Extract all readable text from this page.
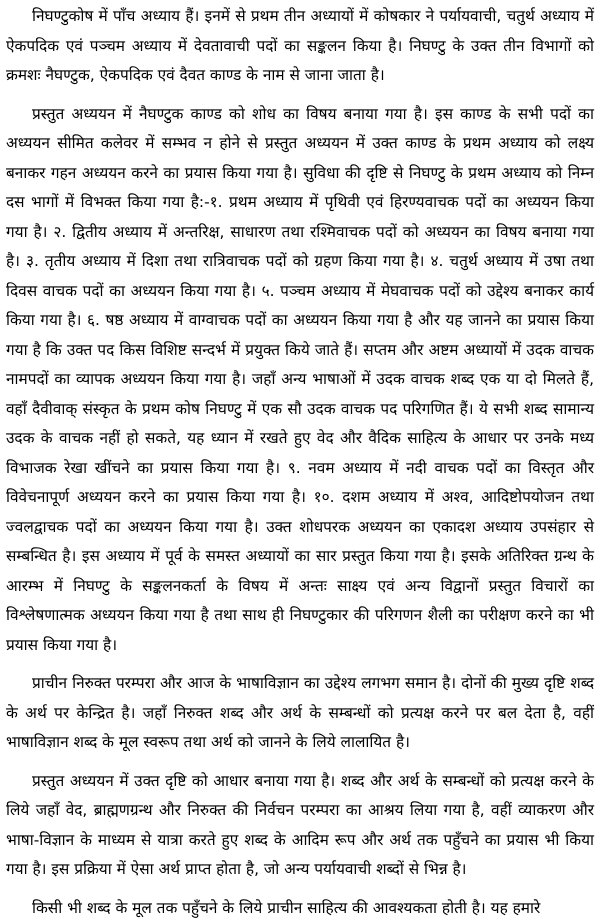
निघण्टुकोष में पाँच अध्याय हैं। इनमें से प्रथम तीन अध्यायों में कोषकार ने पर्यायवाची, चतुर्थ अध्याय में ऐकपदिक एवं पञ्चम अध्याय में देवतावाची पदों का सङ्कलन किया है। निघण्टु के उक्त तीन विभागों को क्रमशः नैघण्टुक, ऐकपदिक एवं दैवत काण्ड के नाम से जाना जाता है।

प्रस्तुत अध्ययन में नैघण्टुक काण्ड को शोध का विषय बनाया गया है। इस काण्ड के सभी पदों का अध्ययन सीमित कलेवर में सम्भव न होने से प्रस्तुत अध्ययन में उक्त काण्ड के प्रथम अध्याय को लक्ष्य बनाकर गहन अध्ययन करने का प्रयास किया गया है। सुविधा की दृष्टि से निघण्टु के प्रथम अध्याय को निम्न दस भागों में विभक्त किया गया है:-१. प्रथम अध्याय में पृथिवी एवं हिरण्यवाचक पदों का अध्ययन किया गया है। २. द्वितीय अध्याय में अन्तरिक्ष, साधारण तथा रश्मिवाचक पदों को अध्ययन का विषय बनाया गया है। ३. तृतीय अध्याय में दिशा तथा रात्रिवाचक पदों को ग्रहण किया गया है। ४. चतुर्थ अध्याय में उषा तथा दिवस वाचक पदों का अध्ययन किया गया है। ५. पञ्चम अध्याय में मेघवाचक पदों को उद्देश्य बनाकर कार्य किया गया है। ६. षष्ठ अध्याय में वाग्वाचक पदों का अध्ययन किया गया है और यह जानने का प्रयास किया गया है कि उक्त पद किस विशिष्ट सन्दर्भ में प्रयुक्त किये जाते हैं। सप्तम और अष्टम अध्यायों में उदक वाचक नामपदों का व्यापक अध्ययन किया गया है। जहाँ अन्य भाषाओं में उदक वाचक शब्द एक या दो मिलते हैं, वहाँ दैवीवाक् संस्कृत के प्रथम कोष निघण्टु में एक सौ उदक वाचक पद परिगणित हैं। ये सभी शब्द सामान्य उदक के वाचक नहीं हो सकते, यह ध्यान में रखते हुए वेद और वैदिक साहित्य के आधार पर उनके मध्य विभाजक रेखा खींचने का प्रयास किया गया है। ९. नवम अध्याय में नदी वाचक पदों का विस्तृत और विवेचनापूर्ण अध्ययन करने का प्रयास किया गया है। १०. दशम अध्याय में अश्व, आदिष्टोपयोजन तथा ज्वलद्वाचक पदों का अध्ययन किया गया है। उक्त शोधपरक अध्ययन का एकादश अध्याय उपसंहार से सम्बन्धित है। इस अध्याय में पूर्व के समस्त अध्यायों का सार प्रस्तुत किया गया है। इसके अतिरिक्त ग्रन्थ के आरम्भ में निघण्टु के सङ्कलनकर्ता के विषय में अन्तः साक्ष्य एवं अन्य विद्वानों प्रस्तुत विचारों का विश्लेषणात्मक अध्ययन किया गया है तथा साथ ही निघण्टुकार की परिगणन शैली का परीक्षण करने का भी प्रयास किया गया है।

प्राचीन निरुक्त परम्परा और आज के भाषाविज्ञान का उद्देश्य लगभग समान है। दोनों की मुख्य दृष्टि शब्द के अर्थ पर केन्द्रित है। जहाँ निरुक्त शब्द और अर्थ के सम्बन्धों को प्रत्यक्ष करने पर बल देता है, वहीं भाषाविज्ञान शब्द के मूल स्वरूप तथा अर्थ को जानने के लिये लालायित है।

प्रस्तुत अध्ययन में उक्त दृष्टि को आधार बनाया गया है। शब्द और अर्थ के सम्बन्धों को प्रत्यक्ष करने के लिये जहाँ वेद, ब्राह्मणग्रन्थ और निरुक्त की निर्वचन परम्परा का आश्रय लिया गया है, वहीं व्याकरण और भाषा-विज्ञान के माध्यम से यात्रा करते हुए शब्द के आदिम रूप और अर्थ तक पहुँचने का प्रयास भी किया गया है। इस प्रक्रिया में ऐसा अर्थ प्राप्त होता है, जो अन्य पर्यायवाची शब्दों से भिन्न है।

किसी भी शब्द के मूल तक पहुँचने के लिये प्राचीन साहित्य की आवश्यकता होती है। यह हमारे
